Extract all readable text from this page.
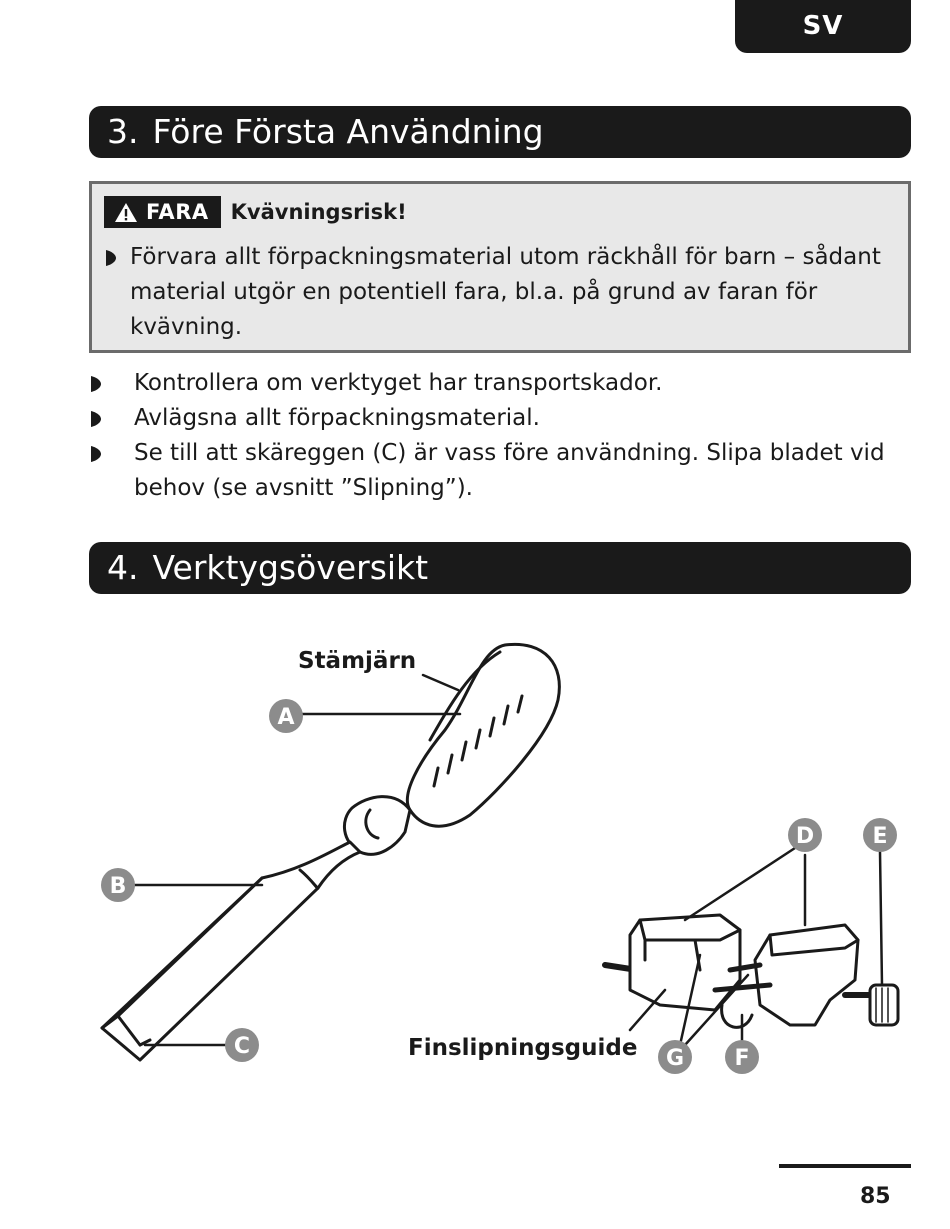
SV
3. Före Första Användning
FARA Kvävningsrisk!
Förvara allt förpackningsmaterial utom räckhåll för barn – sådant material utgör en potentiell fara, bl.a. på grund av faran för kvävning.
Kontrollera om verktyget har transportskador.
Avlägsna allt förpackningsmaterial.
Se till att skäreggen (C) är vass före användning. Slipa bladet vid behov (se avsnitt ”Slipning”).
4. Verktygsöversikt
A
B
C
D	E
F
G
Stämjärn
Finslipningsguide
85
